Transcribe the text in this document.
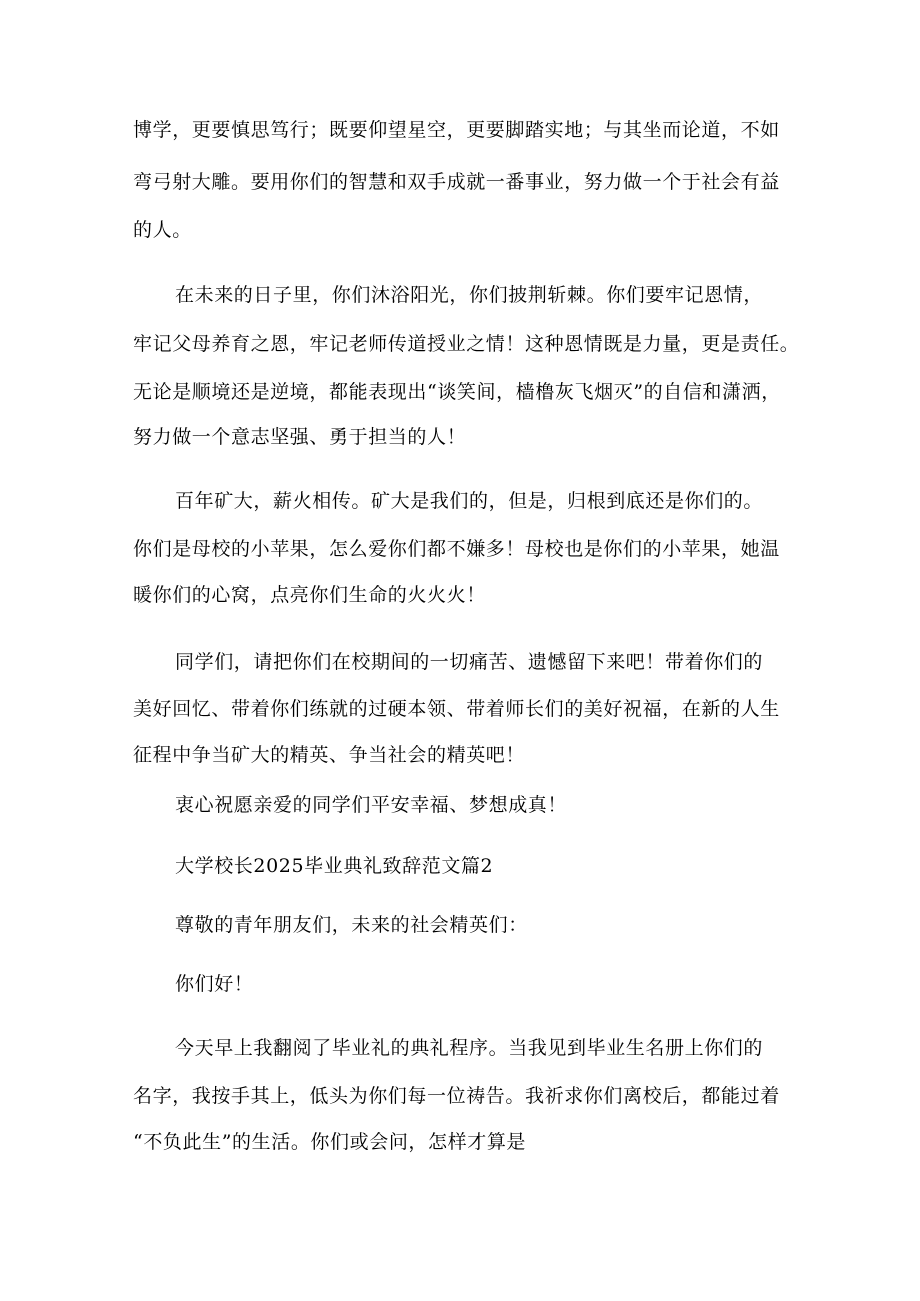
博学，更要慎思笃行；既要仰望星空，更要脚踏实地；与其坐而论道，不如
弯弓射大雕。要用你们的智慧和双手成就一番事业，努力做一个于社会有益
的人。
在未来的日子里，你们沐浴阳光，你们披荆斩棘。你们要牢记恩情，
牢记父母养育之恩，牢记老师传道授业之情！这种恩情既是力量，更是责任。
无论是顺境还是逆境，都能表现出“谈笑间，樯橹灰飞烟灭”的自信和潇洒，
努力做一个意志坚强、勇于担当的人！
百年矿大，薪火相传。矿大是我们的，但是，归根到底还是你们的。
你们是母校的小苹果，怎么爱你们都不嫌多！母校也是你们的小苹果，她温
暖你们的心窝，点亮你们生命的火火火！
同学们，请把你们在校期间的一切痛苦、遗憾留下来吧！带着你们的
美好回忆、带着你们练就的过硬本领、带着师长们的美好祝福，在新的人生
征程中争当矿大的精英、争当社会的精英吧！
衷心祝愿亲爱的同学们平安幸福、梦想成真！
大学校长2025毕业典礼致辞范文篇2
尊敬的青年朋友们，未来的社会精英们：
你们好！
今天早上我翻阅了毕业礼的典礼程序。当我见到毕业生名册上你们的
名字，我按手其上，低头为你们每一位祷告。我祈求你们离校后，都能过着
“不负此生”的生活。你们或会问，怎样才算是
